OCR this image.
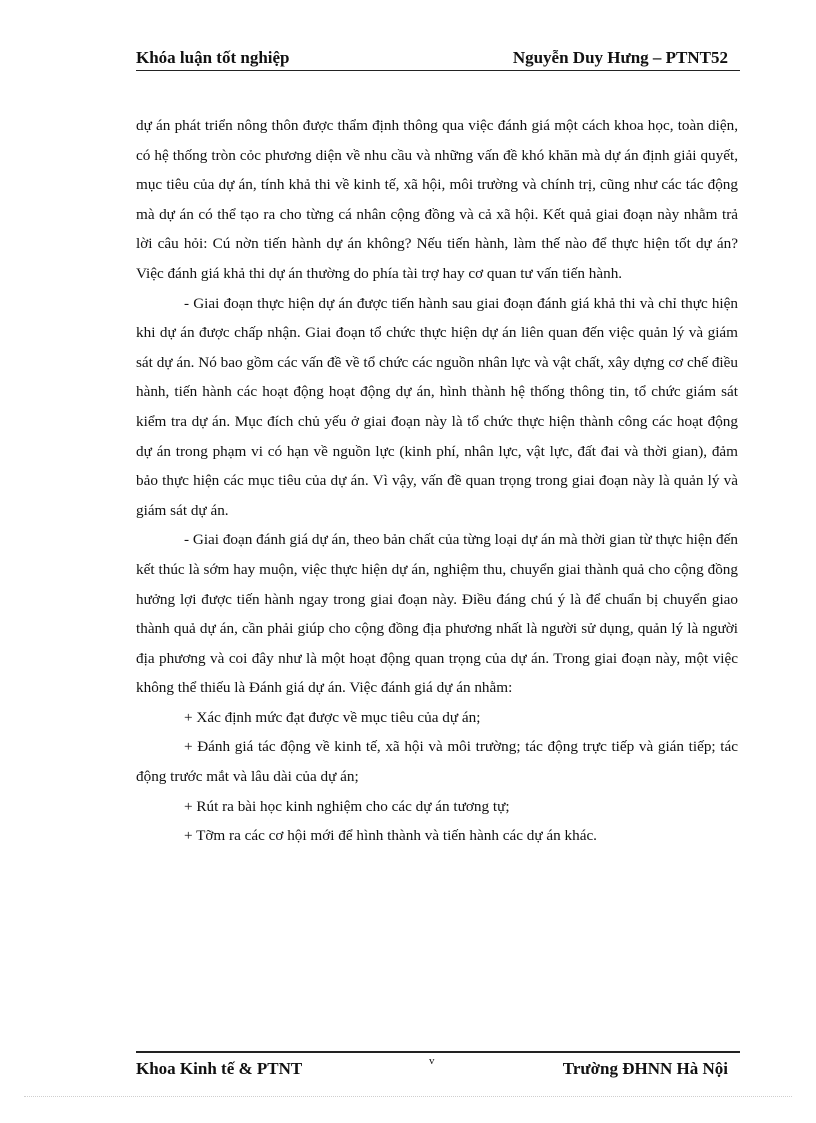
Khóa luận tốt nghiệp	Nguyễn Duy Hưng – PTNT52

dự án phát triển nông thôn được thẩm định thông qua việc đánh giá một cách khoa học, toàn diện, có hệ thống tròn cỏc phương diện về nhu cầu và những vấn đề khó khăn mà dự án định giải quyết, mục tiêu của dự án, tính khả thi về kinh tế, xã hội, môi trường và chính trị, cũng như các tác động mà dự án có thể tạo ra cho từng cá nhân cộng đồng và cả xã hội. Kết quả giai đoạn này nhằm trả lời câu hỏi: Cú nờn tiến hành dự án không? Nếu tiến hành, làm thế nào để thực hiện tốt dự án? Việc đánh giá khả thi dự án thường do phía tài trợ hay cơ quan tư vấn tiến hành.

- Giai đoạn thực hiện dự án được tiến hành sau giai đoạn đánh giá khả thi và chỉ thực hiện khi dự án được chấp nhận. Giai đoạn tổ chức thực hiện dự án liên quan đến việc quản lý và giám sát dự án. Nó bao gồm các vấn đề về tổ chức các nguồn nhân lực và vật chất, xây dựng cơ chế điều hành, tiến hành các hoạt động hoạt động dự án, hình thành hệ thống thông tin, tổ chức giám sát kiểm tra dự án. Mục đích chủ yếu ở giai đoạn này là tổ chức thực hiện thành công các hoạt động dự án trong phạm vi có hạn về nguồn lực (kinh phí, nhân lực, vật lực, đất đai và thời gian), đảm bảo thực hiện các mục tiêu của dự án. Vì vậy, vấn đề quan trọng trong giai đoạn này là quản lý và giám sát dự án.

- Giai đoạn đánh giá dự án, theo bản chất của từng loại dự án mà thời gian từ thực hiện đến kết thúc là sớm hay muộn, việc thực hiện dự án, nghiệm thu, chuyển giai thành quả cho cộng đồng hưởng lợi được tiến hành ngay trong giai đoạn này. Điều đáng chú ý là để chuẩn bị chuyển giao thành quả dự án, cần phải giúp cho cộng đồng địa phương nhất là người sử dụng, quản lý là người địa phương và coi đây như là một hoạt động quan trọng của dự án. Trong giai đoạn này, một việc không thể thiếu là Đánh giá dự án. Việc đánh giá dự án nhằm:

+ Xác định mức đạt được về mục tiêu của dự án;

+ Đánh giá tác động về kinh tế, xã hội và môi trường; tác động trực tiếp và gián tiếp; tác động trước mắt và lâu dài của dự án;

+ Rút ra bài học kinh nghiệm cho các dự án tương tự;

+ Tỡm ra các cơ hội mới để hình thành và tiến hành các dự án khác.

Khoa Kinh tế & PTNT	v	Trường ĐHNN Hà Nội
